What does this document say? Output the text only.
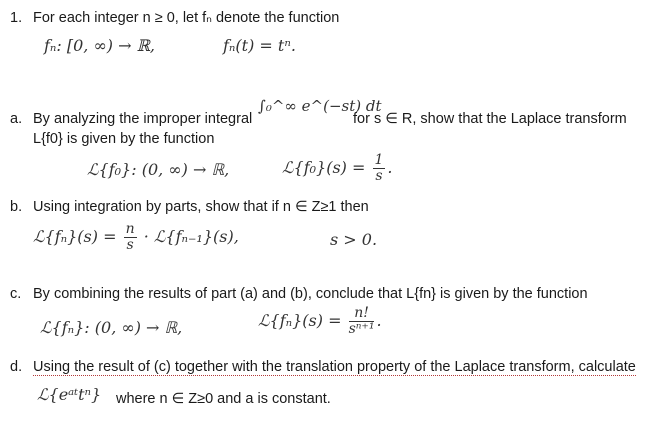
1. For each integer n ≥ 0, let fₙ denote the function
fₙ: [0, ∞) → ℝ,	fₙ(t) = tⁿ.
a. By analyzing the improper integral
∫₀^∞ e^(−st) dt
for s ∈ R, show that the Laplace transform
L{f0} is given by the function
ℒ{f₀}: (0, ∞) → ℝ,	ℒ{f₀}(s) = $\frac{1}{s}$ .
b. Using integration by parts, show that if n ∈ Z≥1 then
ℒ{fₙ}(s) = $\frac{n}{s}$ · ℒ{fₙ₋₁}(s),	s > 0.
c. By combining the results of part (a) and (b), conclude that L{fn} is given by the function
ℒ{fₙ}: (0, ∞) → ℝ,	ℒ{fₙ}(s) = $\frac{n!}{\text{sⁿ⁺¹}}$ .
d. Using the result of (c) together with the translation property of the Laplace transform, calculate
ℒ{eᵃᵗtⁿ} where n ∈ Z≥0 and a is constant.
